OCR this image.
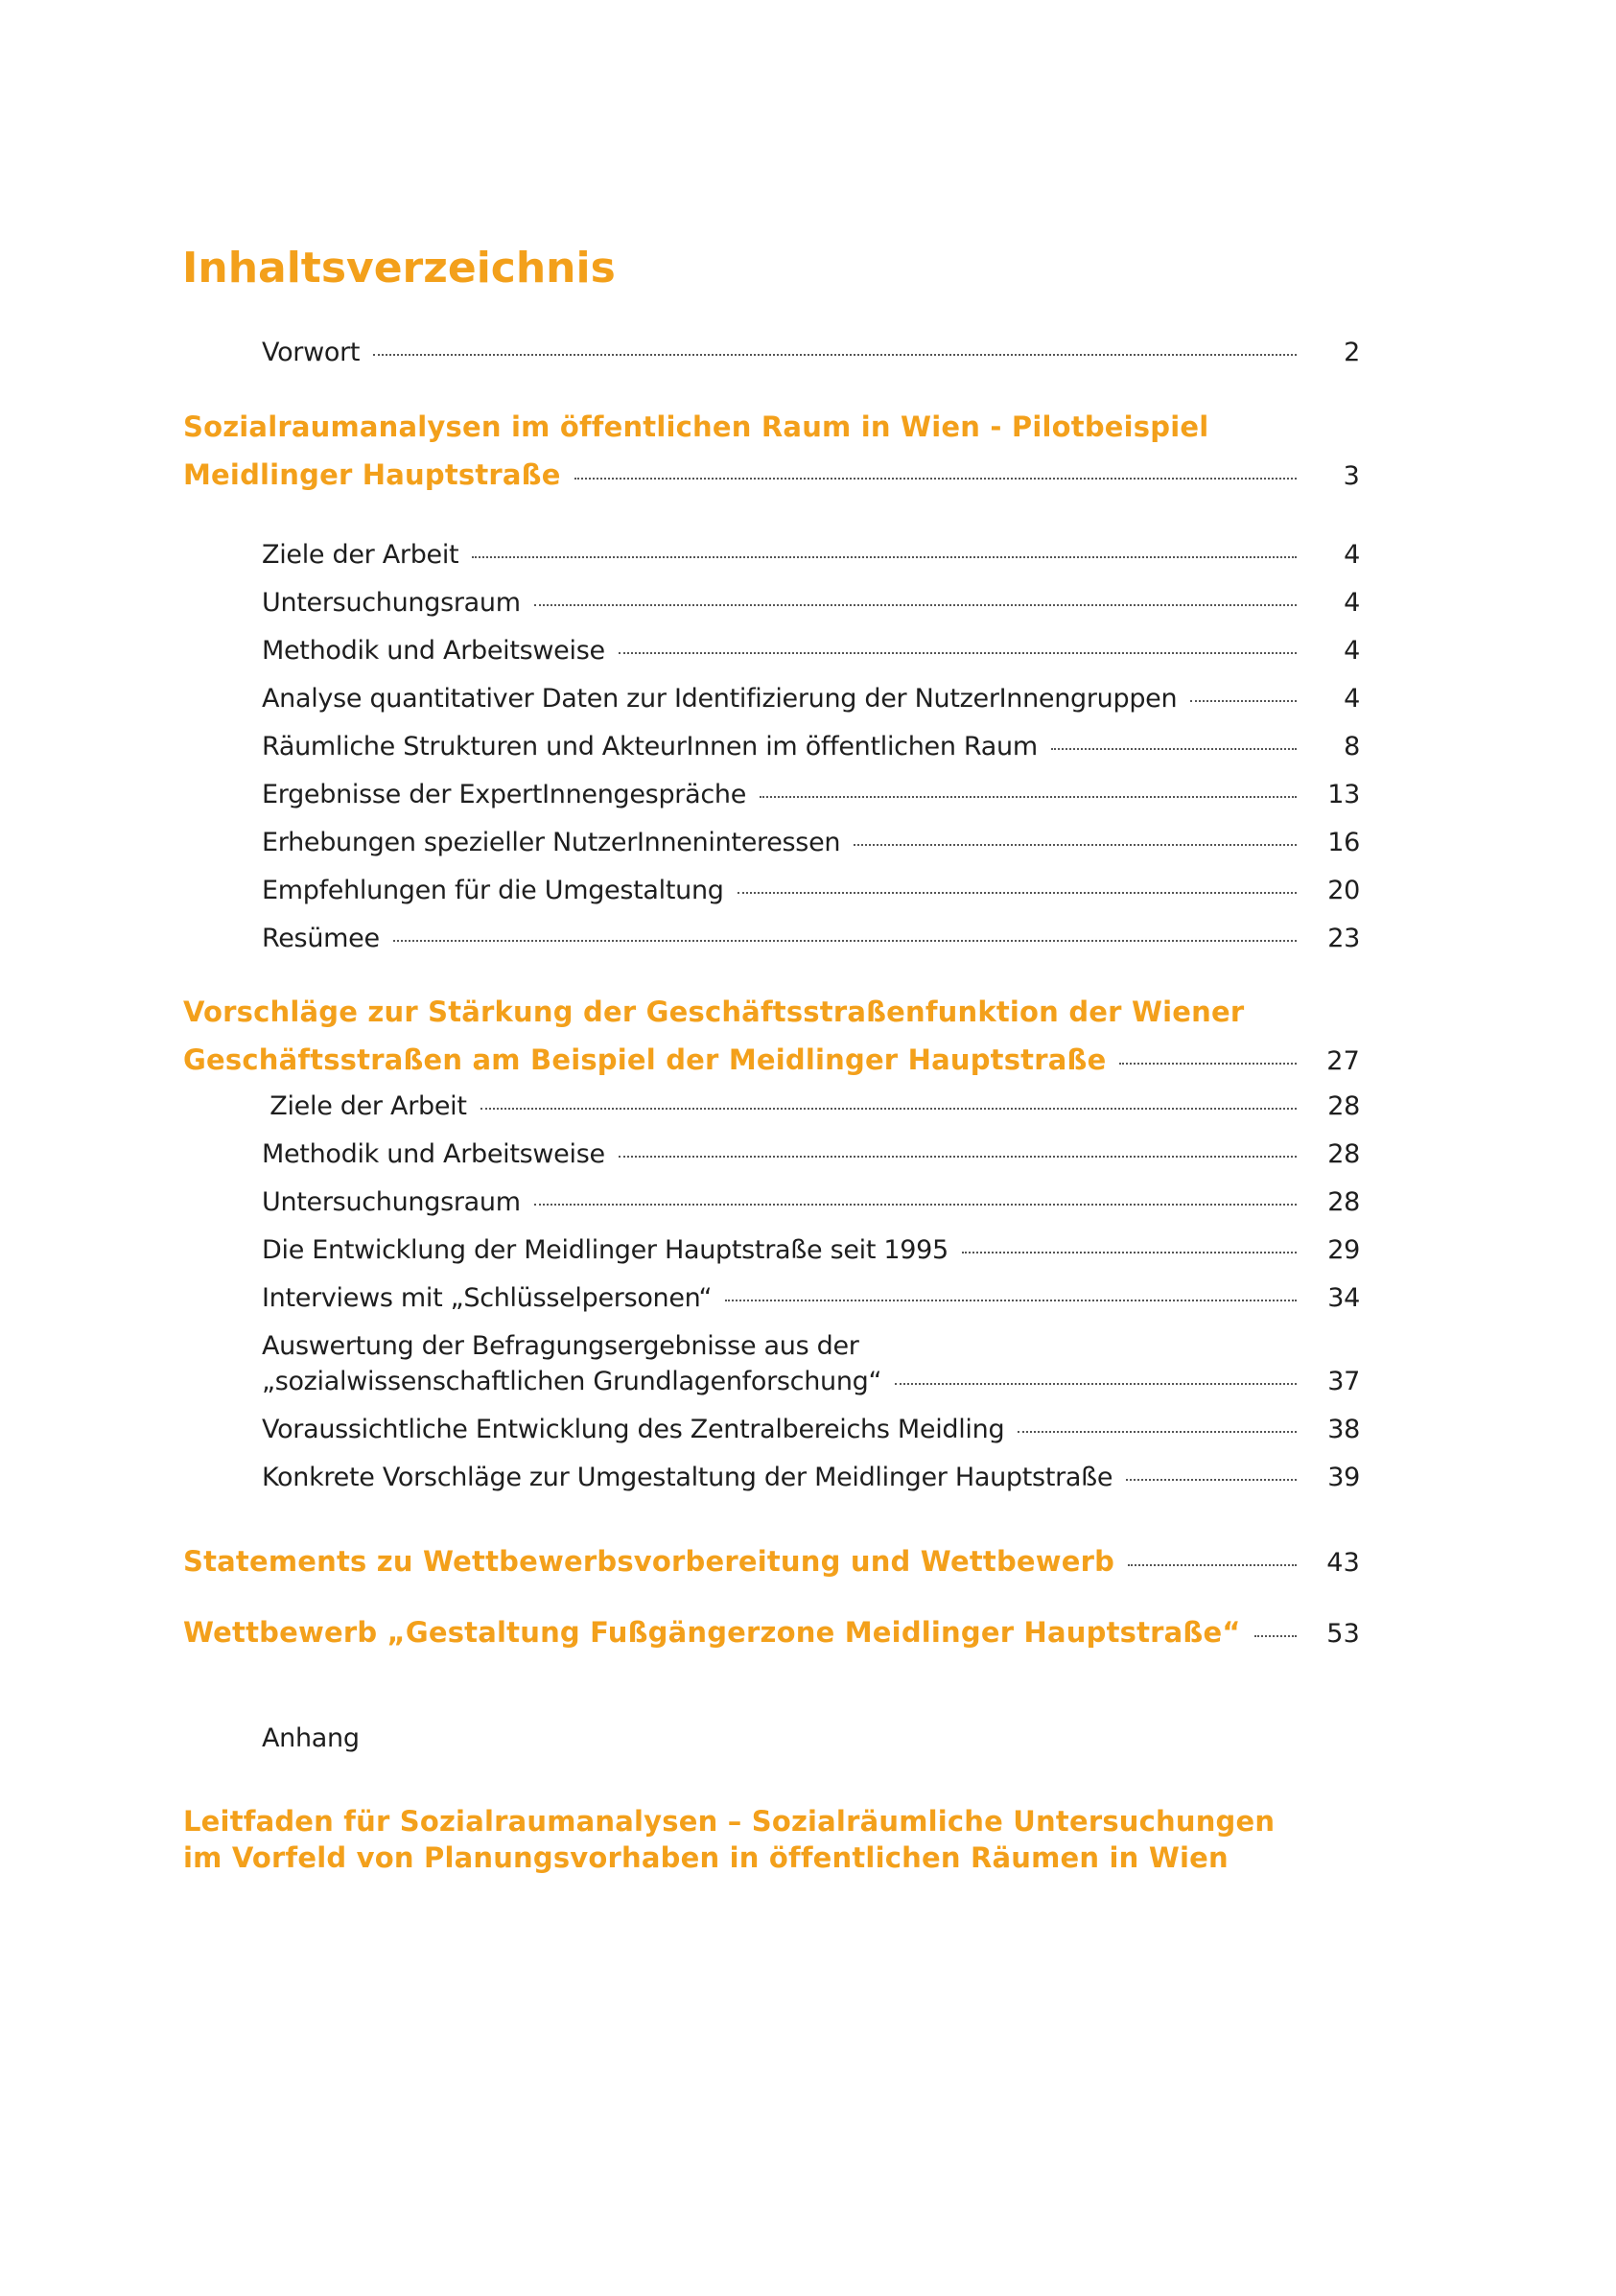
Inhaltsverzeichnis
Vorwort	2
Sozialraumanalysen im öffentlichen Raum in Wien - Pilotbeispiel
Meidlinger Hauptstraße	3
Ziele der Arbeit	4
Untersuchungsraum	4
Methodik und Arbeitsweise	4
Analyse quantitativer Daten zur Identifizierung der NutzerInnengruppen	4
Räumliche Strukturen und AkteurInnen im öffentlichen Raum	8
Ergebnisse der ExpertInnengespräche	13
Erhebungen spezieller NutzerInneninteressen	16
Empfehlungen für die Umgestaltung	20
Resümee	23
Vorschläge zur Stärkung der Geschäftsstraßenfunktion der Wiener
Geschäftsstraßen am Beispiel der Meidlinger Hauptstraße	27
Ziele der Arbeit	28
Methodik und Arbeitsweise	28
Untersuchungsraum	28
Die Entwicklung der Meidlinger Hauptstraße seit 1995	29
Interviews mit „Schlüsselpersonen“	34
Auswertung der Befragungsergebnisse aus der
„sozialwissenschaftlichen Grundlagenforschung“	37
Voraussichtliche Entwicklung des Zentralbereichs Meidling	38
Konkrete Vorschläge zur Umgestaltung der Meidlinger Hauptstraße	39
Statements zu Wettbewerbsvorbereitung und Wettbewerb	43
Wettbewerb „Gestaltung Fußgängerzone Meidlinger Hauptstraße“	53
Anhang
Leitfaden für Sozialraumanalysen – Sozialräumliche Untersuchungen
im Vorfeld von Planungsvorhaben in öffentlichen Räumen in Wien
